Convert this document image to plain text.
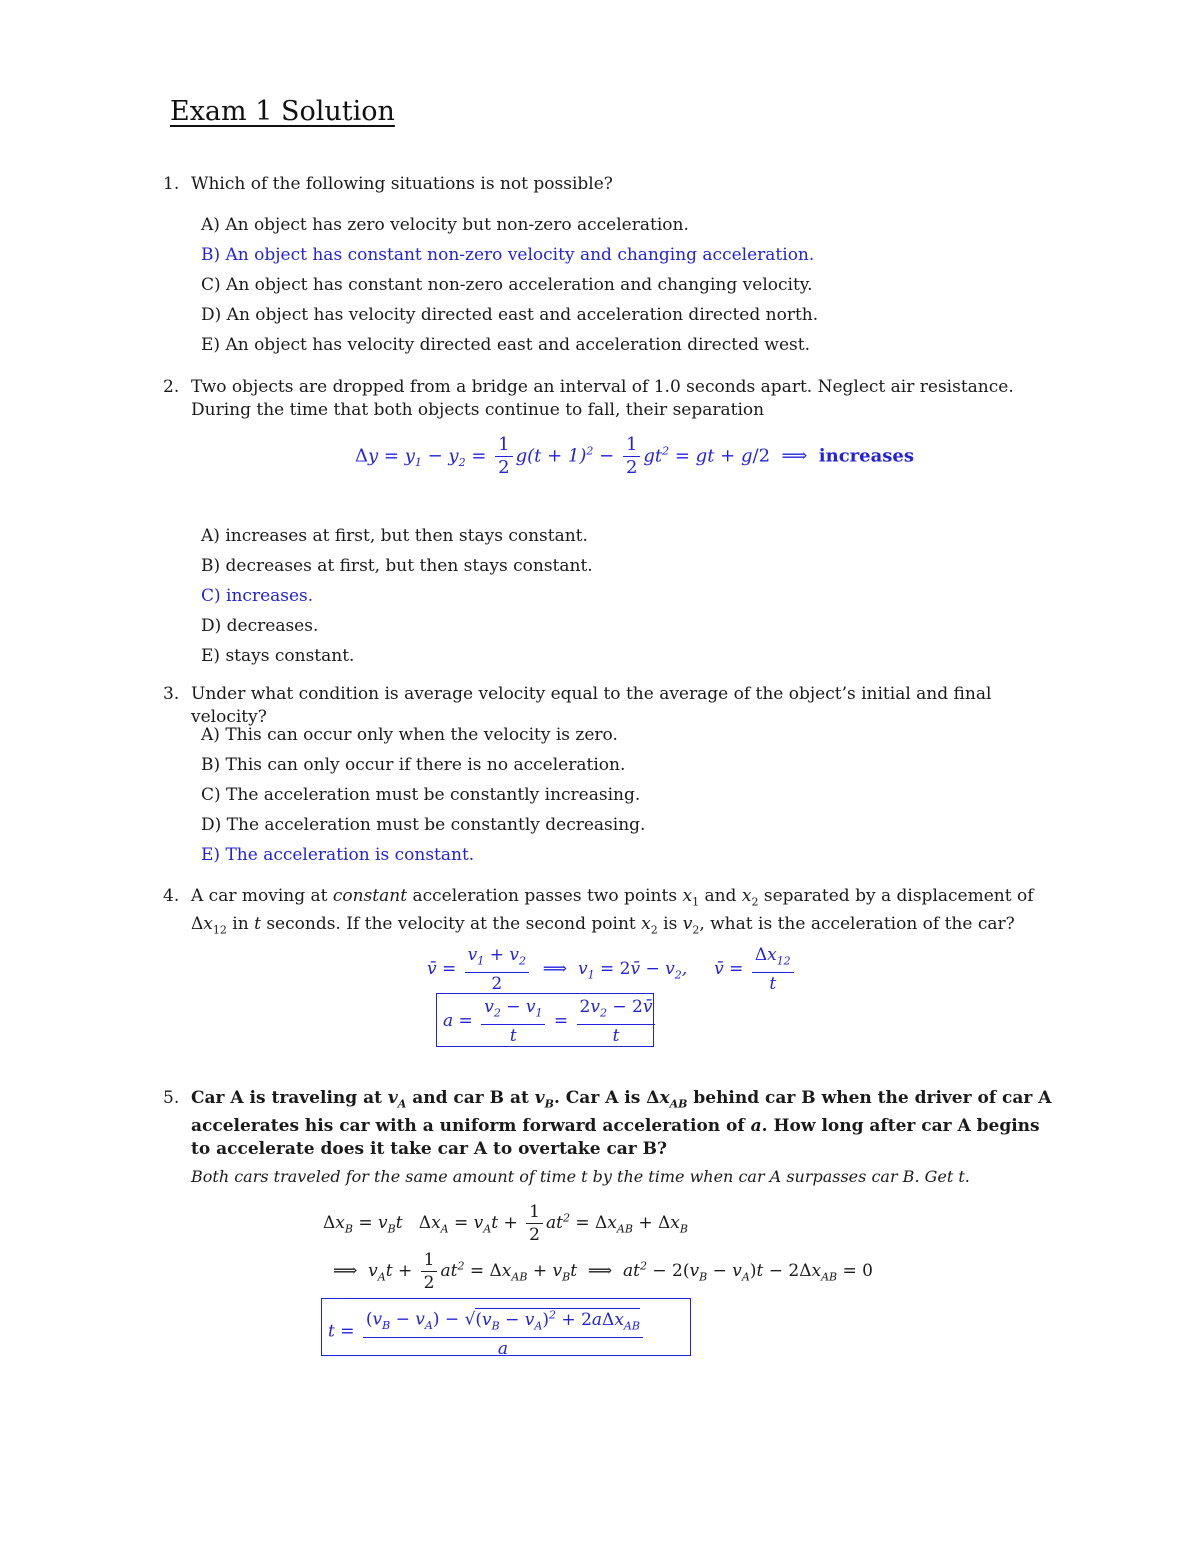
Exam 1 Solution
1. Which of the following situations is not possible?
A) An object has zero velocity but non-zero acceleration.
B) An object has constant non-zero velocity and changing acceleration.
C) An object has constant non-zero acceleration and changing velocity.
D) An object has velocity directed east and acceleration directed north.
E) An object has velocity directed east and acceleration directed west.
2. Two objects are dropped from a bridge an interval of 1.0 seconds apart. Neglect air resistance. During the time that both objects continue to fall, their separation
$\Delta y = y_1 - y_2 = \frac{1}{2} g(t + 1)^2 - \frac{1}{2} gt^2$ = gt + g/2  ⟹  increases
A) increases at first, but then stays constant.
B) decreases at first, but then stays constant.
C) increases.
D) decreases.
E) stays constant.
3. Under what condition is average velocity equal to the average of the object’s initial and final velocity?
A) This can occur only when the velocity is zero.
B) This can only occur if there is no acceleration.
C) The acceleration must be constantly increasing.
D) The acceleration must be constantly decreasing.
E) The acceleration is constant.
4. A car moving at constant acceleration passes two points $x_1$ and $x_2$ separated by a displacement of $\Delta x_{12}$ in t seconds. If the velocity at the second point $x_2$ is $v_2$, what is the acceleration of the car?
v̄ = $\frac{v_1 + v_2}{2}$ ⟹  $v_1$ = 2v̄ − $v_2$,     v̄ = $\frac{\Delta x_{12}}{t}$
$a = \frac{v_2 - v_1}{t} = \frac{2v_2 - 2v̄}{t}$
5. Car A is traveling at $v_A$ and car B at $v_B$. Car A is $\Delta x_{AB}$ behind car B when the driver of car A accelerates his car with a uniform forward acceleration of a. How long after car A begins to accelerate does it take car A to overtake car B?
Both cars traveled for the same amount of time t by the time when car A surpasses car B. Get t.
$\Delta x_B = v_Bt$   $\Delta x_A = v_At + \frac{1}{2} at^2 = \Delta x_{AB} + \Delta x_B$
⟹  $v_At + \frac{1}{2} at^2 = \Delta x_{AB} + v_Bt$  ⟹  $at^2 - 2(v_B - v_A)t - 2\Delta x_{AB} = 0$
$t = \frac{(v_B - v_A) - √(v_B - v_A)^2 + 2a\Delta x_{AB}}{a}$
